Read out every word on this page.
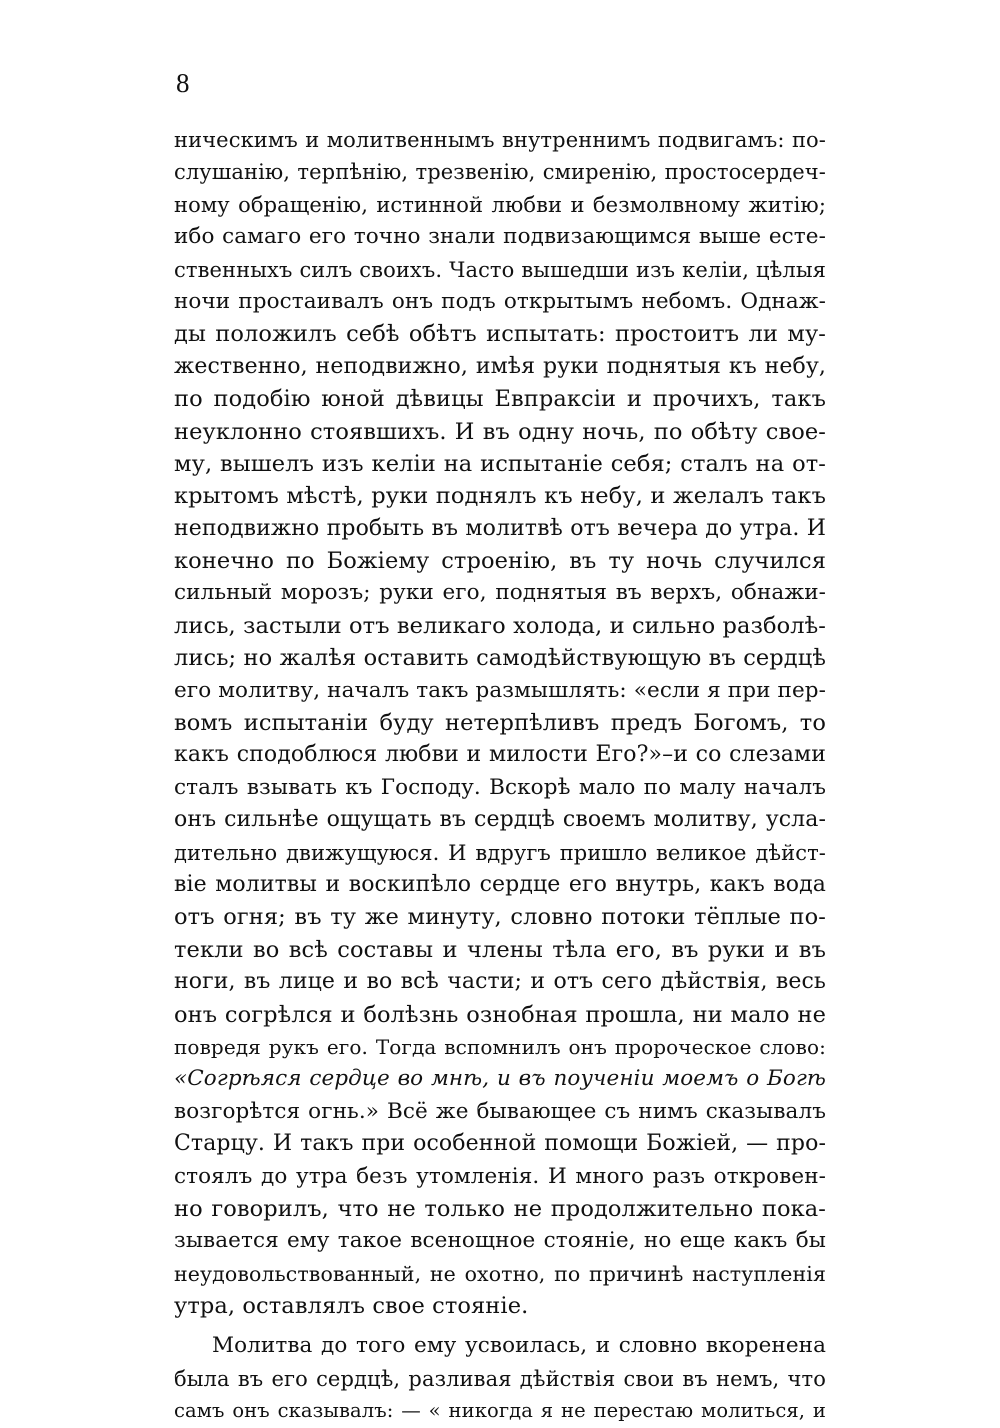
8
ническимъ и молитвеннымъ внутреннимъ подвигамъ: по-
слушанію, терпѣнію, трезвенію, смиренію, простосердеч-
ному обращенію, истинной любви и безмолвному житію;
ибо самаго его точно знали подвизающимся выше есте-
ственныхъ силъ своихъ. Часто вышедши изъ келіи, цѣлыя
ночи простаивалъ онъ подъ открытымъ небомъ. Однаж-
ды положилъ себѣ обѣтъ испытать: простоитъ ли му-
жественно, неподвижно, имѣя руки поднятыя къ небу,
по подобію юной дѣвицы Евпраксіи и прочихъ, такъ
неуклонно стоявшихъ. И въ одну ночь, по обѣту свое-
му, вышелъ изъ келіи на испытаніе себя; сталъ на от-
крытомъ мѣстѣ, руки поднялъ къ небу, и желалъ такъ
неподвижно пробыть въ молитвѣ отъ вечера до утра. И
конечно по Божіему строенію, въ ту ночь случился
сильный морозъ; руки его, поднятыя въ верхъ, обнажи-
лись, застыли отъ великаго холода, и сильно разболѣ-
лись; но жалѣя оставить самодѣйствующую въ сердцѣ
его молитву, началъ такъ размышлять: «если я при пер-
вомъ испытаніи буду нетерпѣливъ предъ Богомъ, то
какъ сподоблюся любви и милости Его?»–и со слезами
сталъ взывать къ Господу. Вскорѣ мало по малу началъ
онъ сильнѣе ощущать въ сердцѣ своемъ молитву, усла-
дительно движущуюся. И вдругъ пришло великое дѣйст-
віе молитвы и воскипѣло сердце его внутрь, какъ вода
отъ огня; въ ту же минуту, словно потоки тёплые по-
текли во всѣ составы и члены тѣла его, въ руки и въ
ноги, въ лице и во всѣ части; и отъ сего дѣйствія, весь
онъ согрѣлся и болѣзнь ознобная прошла, ни мало не
повредя рукъ его. Тогда вспомнилъ онъ пророческое слово:
«Согрѣяся сердце во мнѣ, и въ поученіи моемъ о Богѣ
возгорѣтся огнь.» Всё же бывающее съ нимъ сказывалъ
Старцу. И такъ при особенной помощи Божіей, — про-
стоялъ до утра безъ утомленія. И много разъ откровен-
но говорилъ, что не только не продолжительно пока-
зывается ему такое всенощное стояніе, но еще какъ бы
неудовольствованный, не охотно, по причинѣ наступленія
утра, оставлялъ свое стояніе.
Молитва до того ему усвоилась, и словно вкоренена
была въ его сердцѣ, разливая дѣйствія свои въ немъ, что
самъ онъ сказывалъ: — « никогда я не перестаю молиться, и
